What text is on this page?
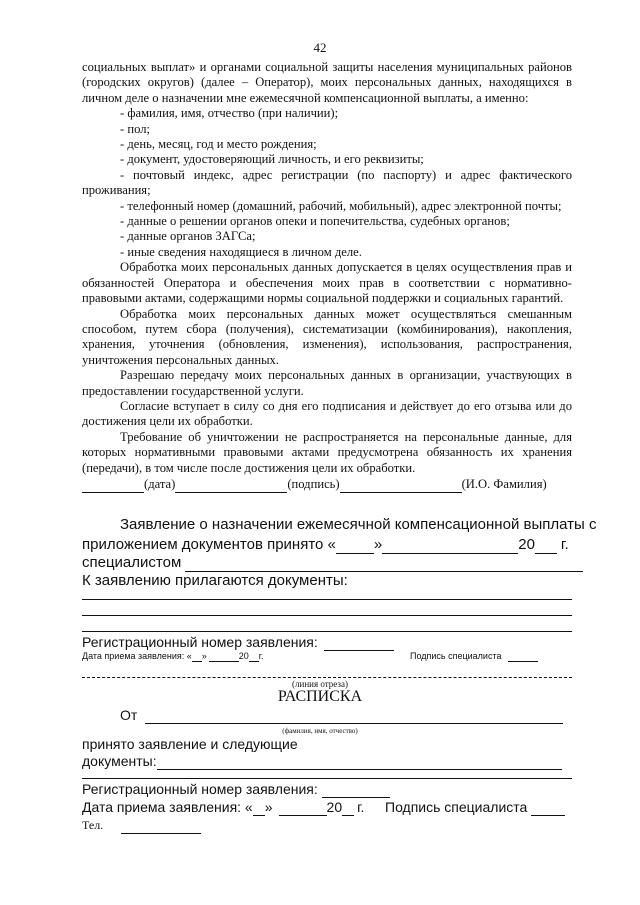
42

социальных выплат» и органами социальной защиты населения муниципальных районов (городских округов) (далее – Оператор), моих персональных данных, находящихся в личном деле о назначении мне ежемесячной компенсационной выплаты, а именно:

- фамилия, имя, отчество (при наличии);

- пол;

- день, месяц, год и место рождения;

- документ, удостоверяющий личность, и его реквизиты;

- почтовый индекс, адрес регистрации (по паспорту) и адрес фактического проживания;

- телефонный номер (домашний, рабочий, мобильный), адрес электронной почты;

- данные о решении органов опеки и попечительства, судебных органов;

- данные органов ЗАГСа;

- иные сведения находящиеся в личном деле.

Обработка моих персональных данных допускается в целях осуществления прав и обязанностей Оператора и обеспечения моих прав в соответствии с нормативно-правовыми актами, содержащими нормы социальной поддержки и социальных гарантий.

Обработка моих персональных данных может осуществляться смешанным способом, путем сбора (получения), систематизации (комбинирования), накопления, хранения, уточнения (обновления, изменения), использования, распространения, уничтожения персональных данных.

Разрешаю передачу моих персональных данных в организации, участвующих в предоставлении государственной услуги.

Согласие вступает в силу со дня его подписания и действует до его отзыва или до достижения цели их обработки.

Требование об уничтожении не распространяется на персональные данные, для которых нормативными правовыми актами предусмотрена обязанность их хранения (передачи), в том числе после достижения цели их обработки.

(дата)	(подпись)	(И.О. Фамилия)

Заявление о назначении ежемесячной компенсационной выплаты с
приложением документов принято «	»	20 г.
специалистом
К заявлению прилагаются документы:
Регистрационный номер заявления:
Дата приема заявления: « »	20 г.	Подпись специалиста
(линия отреза)
РАСПИСКА
От
(фамилия, имя, отчество)
принято заявление и следующие
документы:
Регистрационный номер заявления:
Дата приема заявления: « »	20 г. Подпись специалиста
Тел.
